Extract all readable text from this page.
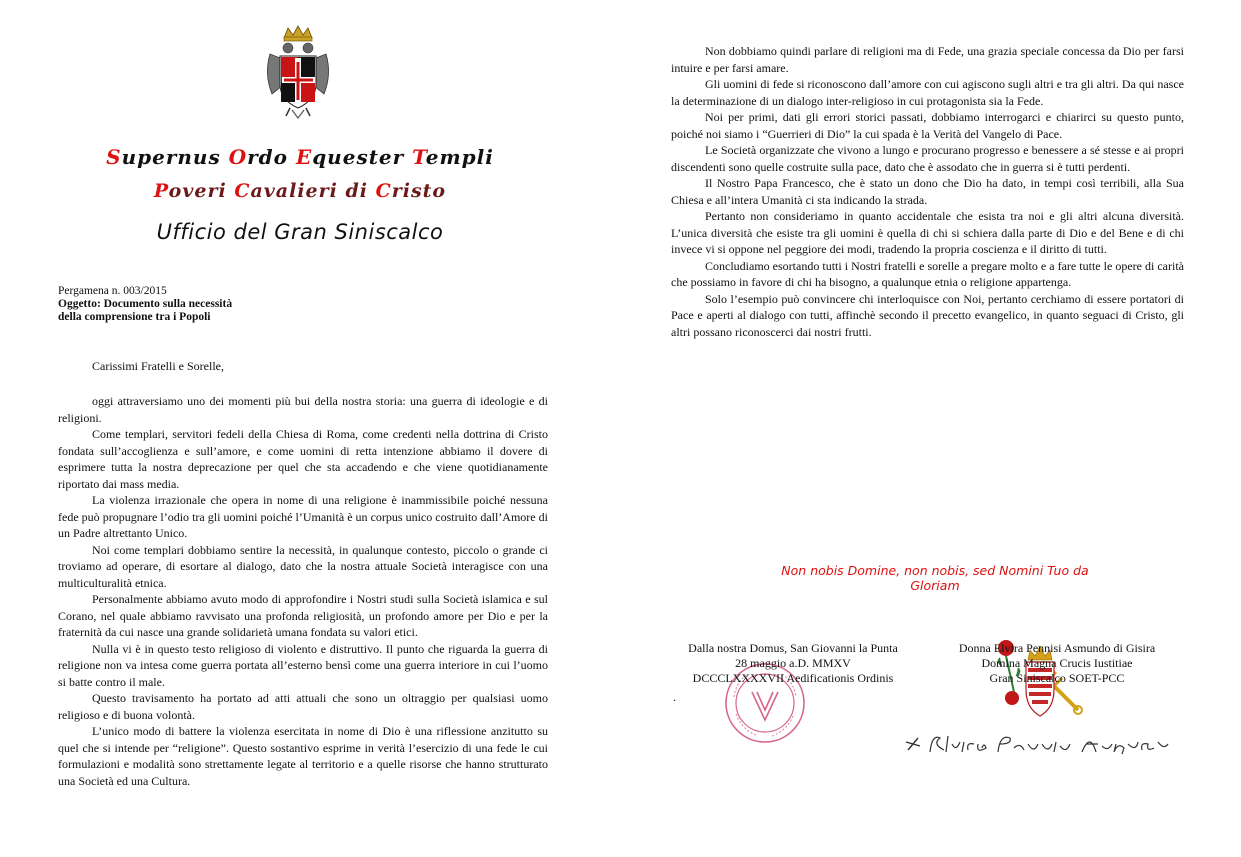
Supernus Ordo Equester Templi
Poveri Cavalieri di Cristo
Ufficio del Gran Siniscalco
Pergamena n. 003/2015
Oggetto: Documento sulla necessità
della comprensione tra i Popoli
Carissimi Fratelli e Sorelle,

oggi attraversiamo uno dei momenti più bui della nostra storia: una guerra di ideologie e di religioni.

Come templari, servitori fedeli della Chiesa di Roma, come credenti nella dottrina di Cristo fondata sull’accoglienza e sull’amore, e come uomini di retta intenzione abbiamo il dovere di esprimere tutta la nostra deprecazione per quel che sta accadendo e che viene quotidianamente riportato dai mass media.

La violenza irrazionale che opera in nome di una religione è inammissibile poiché nessuna fede può propugnare l’odio tra gli uomini poiché l’Umanità è un corpus unico costruito dall’Amore di un Padre altrettanto Unico.

Noi come templari dobbiamo sentire la necessità, in qualunque contesto, piccolo o grande ci troviamo ad operare, di esortare al dialogo, dato che la nostra attuale Società interagisce con una multiculturalità etnica.

Personalmente abbiamo avuto modo di approfondire i Nostri studi sulla Società islamica e sul Corano, nel quale abbiamo ravvisato una profonda religiosità, un profondo amore per Dio e per la fraternità da cui nasce una grande solidarietà umana fondata su valori etici.

Nulla vi è in questo testo religioso di violento e distruttivo. Il punto che riguarda la guerra di religione non va intesa come guerra portata all’esterno bensì come una guerra interiore in cui l’uomo si batte contro il male.

Questo travisamento ha portato ad atti attuali che sono un oltraggio per qualsiasi uomo religioso e di buona volontà.

L’unico modo di battere la violenza esercitata in nome di Dio è una riflessione anzitutto su quel che si intende per “religione”. Questo sostantivo esprime in verità l’esercizio di una fede le cui formulazioni e modalità sono strettamente legate al territorio e a quelle risorse che hanno strutturato una Società ed una Cultura.

Non dobbiamo quindi parlare di religioni ma di Fede, una grazia speciale concessa da Dio per farsi intuire e per farsi amare.

Gli uomini di fede si riconoscono dall’amore con cui agiscono sugli altri e tra gli altri. Da qui nasce la determinazione di un dialogo inter-religioso in cui protagonista sia la Fede.

Noi per primi, dati gli errori storici passati, dobbiamo interrogarci e chiarirci su questo punto, poiché noi siamo i “Guerrieri di Dio” la cui spada è la Verità del Vangelo di Pace.

Le Società organizzate che vivono a lungo e procurano progresso e benessere a sé stesse e ai propri discendenti sono quelle costruite sulla pace, dato che è assodato che in guerra si è tutti perdenti.

Il Nostro Papa Francesco, che è stato un dono che Dio ha dato, in tempi così terribili, alla Sua Chiesa e all’intera Umanità ci sta indicando la strada.

Pertanto non consideriamo in quanto accidentale che esista tra noi e gli altri alcuna diversità. L’unica diversità che esiste tra gli uomini è quella di chi si schiera dalla parte di Dio e del Bene e di chi invece vi si oppone nel peggiore dei modi, tradendo la propria coscienza e il diritto di tutti.

Concludiamo esortando tutti i Nostri fratelli e sorelle a pregare molto e a fare tutte le opere di carità che possiamo in favore di chi ha bisogno, a qualunque etnia o religione appartenga.

Solo l’esempio può convincere chi interloquisce con Noi, pertanto cerchiamo di essere portatori di Pace e aperti al dialogo con tutti, affinchè secondo il precetto evangelico, in quanto seguaci di Cristo, gli altri possano riconoscerci dai nostri frutti.

Non nobis Domine, non nobis, sed Nomini Tuo da Gloriam
Dalla nostra Domus, San Giovanni la Punta
28 maggio a.D. MMXV
DCCCLXXXXVII Aedificationis Ordinis
.
Donna Elvira Pennisi Asmundo di Gisira
Domina Magna Crucis Iustitiae
Gran Siniscalco SOET-PCC
